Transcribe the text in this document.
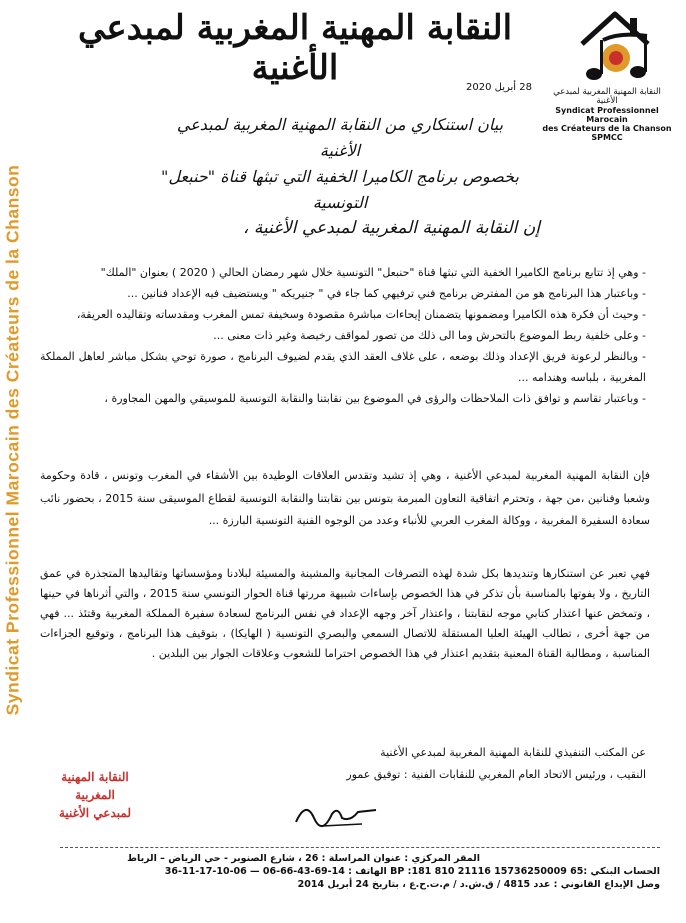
النقابة المهنية المغربية لمبدعي الأغنية
النقابة المهنية المغربية لمبدعي الأغنية
Syndicat Professionnel Marocain
des Créateurs de la Chanson
SPMCC
28 أبريل 2020
Syndicat Professionnel Marocain des Créateurs de la Chanson
بيان استنكاري من النقابة المهنية المغربية لمبدعي الأغنية
بخصوص برنامج الكاميرا الخفية التي تبثها قناة "حنبعل" التونسية
إن النقابة المهنية المغربية لمبدعي الأغنية ،

- وهي إذ تتابع برنامج الكاميرا الخفية التي تبثها قناة "حنبعل" التونسية خلال شهر رمضان الحالي ( 2020 ) بعنوان "الملك"

- وباعتبار هذا البرنامج هو من المفترض برنامج فني ترفيهي كما جاء في " جنيريكه " ويستضيف فيه الإعداد فنانين ...

- وحيث أن فكرة هذه الكاميرا ومضمونها يتضمنان إيحاءات مباشرة مقصودة وسخيفة تمس المغرب ومقدساته وتقاليده العريقة،

- وعلى خلفية ربط الموضوع بالتحرش وما الى ذلك من تصور لمواقف رخيصة وغير ذات معنى ...

- وبالنظر لرعونة فريق الإعداد وذلك بوضعه ، على غلاف العقد الذي يقدم لضيوف البرنامج ، صورة توحي بشكل مباشر لعاهل المملكة المغربية ، بلباسه وهندامه ...

- وباعتبار تقاسم و توافق ذات الملاحظات والرؤى في الموضوع بين نقابتنا والنقابة التونسية للموسيقي والمهن المجاورة ،

فإن النقابة المهنية المغربية لمبدعي الأغنية ، وهي إذ تشيد وتقدس العلاقات الوطيدة بين الأشقاء في المغرب وتونس ، قادة وحكومة وشعبا وفنانين ،من جهة ، وتحترم اتفاقية التعاون المبرمة بتونس بين نقابتنا والنقابة التونسية لقطاع الموسيقى سنة 2015 ، بحضور نائب سعادة السفيرة المغربية ، ووكالة المغرب العربي للأنباء وعدد من الوجوه الفنية التونسية البارزة ...

فهي تعبر عن استنكارها وتنديدها بكل شدة لهذه التصرفات المجانية والمشينة والمسيئة لبلادنا ومؤسساتها وتقاليدها المتجذرة في عمق التاريخ ، ولا يفوتها بالمناسبة بأن تذكر في هذا الخصوص بإساءات شبيهة مررتها قناة الحوار التونسي سنة 2015 ، والتي أثرناها في حينها ، وتمخض عنها اعتذار كتابي موجه لنقابتنا ، واعتذار آخر وجهه الإعداد في نفس البرنامج لسعادة سفيرة المملكة المغربية وقتئذ ... فهي من جهة أخرى ، تطالب الهيئة العليا المستقلة للاتصال السمعي والبصري التونسية ( الهايكا) ، بتوقيف هذا البرنامج ، وتوقيع الجزاءات المناسبة ، ومطالبة القناة المعنية بتقديم اعتذار في هذا الخصوص احتراما للشعوب وعلاقات الجوار بين البلدين .

عن المكتب التنفيذي للنقابة المهنية المغربية لمبدعي الأغنية
النقيب ، ورئيس الاتحاد العام المغربي للنقابات الفنية : توفيق عمور
النقابة المهنية المغربية
لمبدعي الأغنية
المقر المركزي : عنوان المراسلة : 26 ، شارع الصنوبر - حي الرياض – الرباط
الحساب البنكي :65 15736250009 21116 810 181: BP الهاتف : 14-69-43-66-06 — 06-10-17-11-36
وصل الإيداع القانوني : عدد 4815 / ق.ش.د / م.ت.ح.ع ، بتاريخ 24 أبريل 2014
